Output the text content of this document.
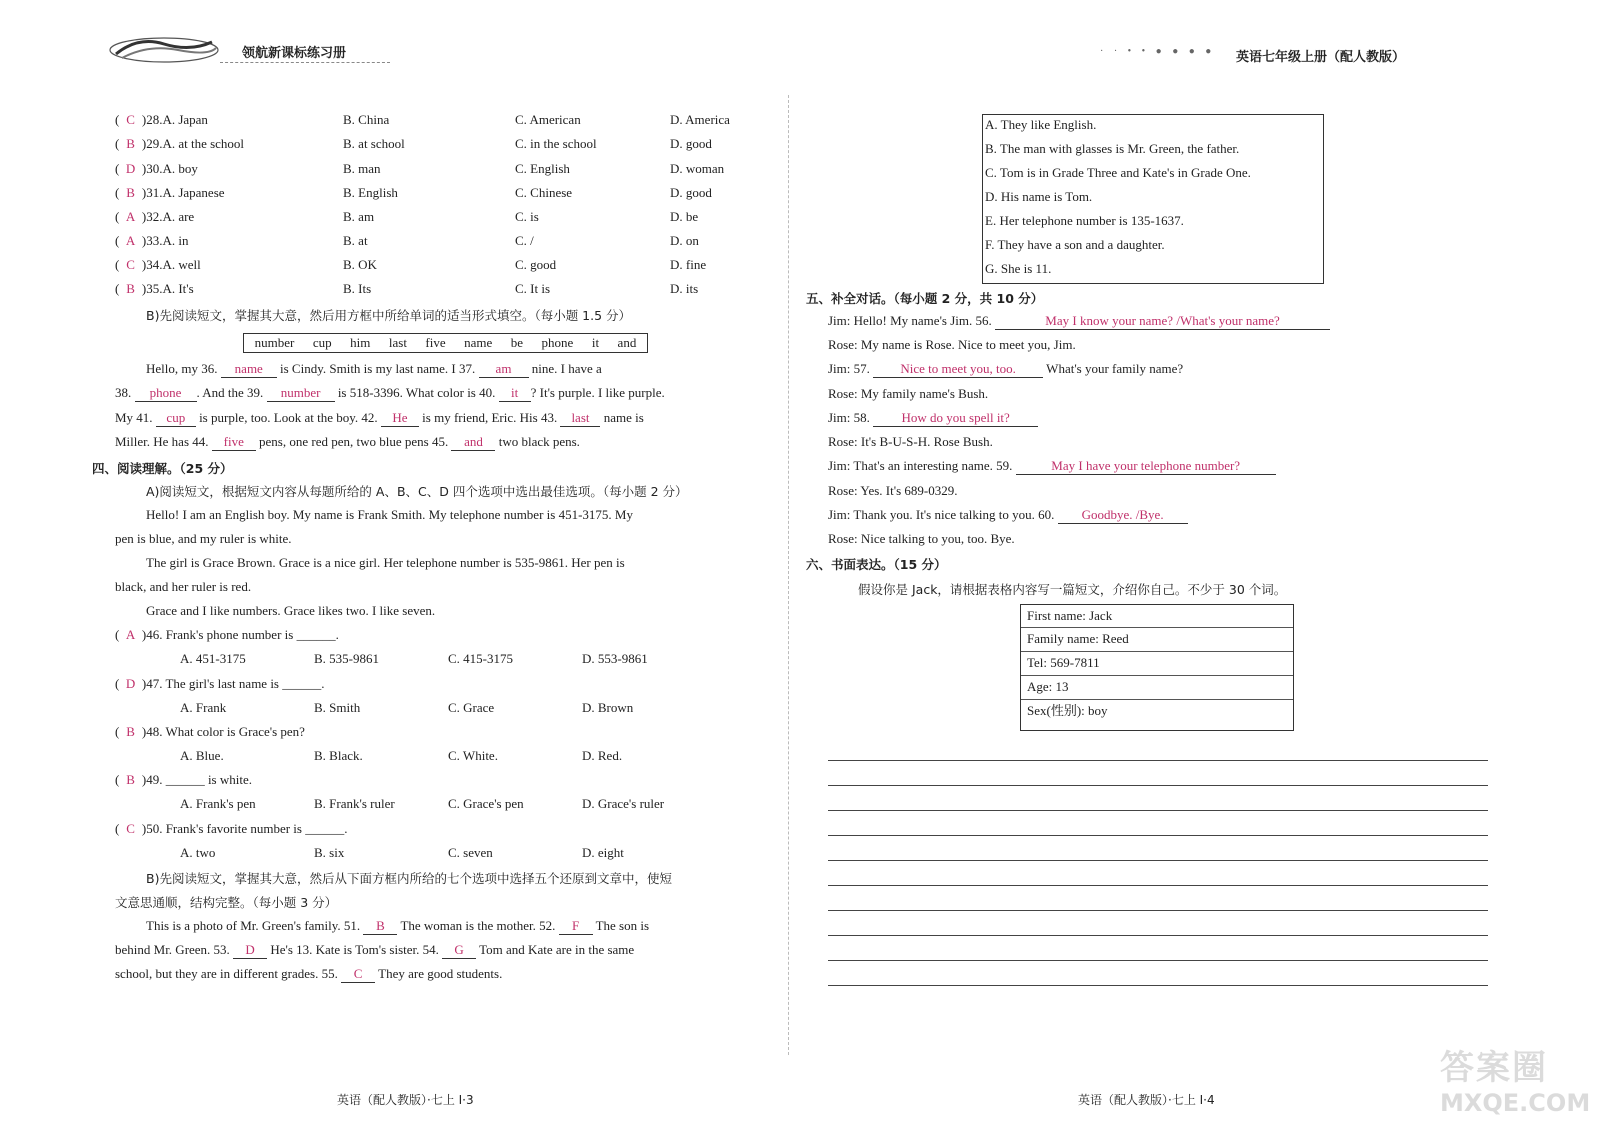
领航新课标练习册	· · • • ● ● ● ● 英语七年级上册（配人教版）
( C )28.A. Japan	B. China	C. American	D. America
( B )29.A. at the school	B. at school	C. in the school	D. good
( D )30.A. boy	B. man	C. English	D. woman
( B )31.A. Japanese	B. English	C. Chinese	D. good
( A )32.A. are	B. am	C. is	D. be
( A )33.A. in	B. at	C. /	D. on
( C )34.A. well	B. OK	C. good	D. fine
( B )35.A. It's	B. Its	C. It is	D. its
B)先阅读短文，掌握其大意，然后用方框中所给单词的适当形式填空。（每小题 1.5 分）
number  cup  him  last  five  name  be  phone  it  and
Hello, my 36. name is Cindy. Smith is my last name. I 37. am nine. I have a
38. phone . And the 39. number is 518-3396. What color is 40. it ? It's purple. I like purple.
My 41. cup is purple, too. Look at the boy. 42. He is my friend, Eric. His 43. last name is
Miller. He has 44. five pens, one red pen, two blue pens 45. and two black pens.
四、阅读理解。（25 分）
A)阅读短文，根据短文内容从每题所给的 A、B、C、D 四个选项中选出最佳选项。（每小题 2 分）
Hello! I am an English boy. My name is Frank Smith. My telephone number is 451-3175. My
pen is blue, and my ruler is white.
The girl is Grace Brown. Grace is a nice girl. Her telephone number is 535-9861. Her pen is
black, and her ruler is red.
Grace and I like numbers. Grace likes two. I like seven.
( A )46. Frank's phone number is ______.
A. 451-3175	B. 535-9861	C. 415-3175	D. 553-9861
( D )47. The girl's last name is ______.
A. Frank	B. Smith	C. Grace	D. Brown
( B )48. What color is Grace's pen?
A. Blue.	B. Black.	C. White.	D. Red.
( B )49. ______ is white.
A. Frank's pen	B. Frank's ruler	C. Grace's pen	D. Grace's ruler
( C )50. Frank's favorite number is ______.
A. two	B. six	C. seven	D. eight
B)先阅读短文，掌握其大意，然后从下面方框内所给的七个选项中选择五个还原到文章中，使短
文意思通顺，结构完整。（每小题 3 分）
This is a photo of Mr. Green's family. 51. B The woman is the mother. 52. F The son is
behind Mr. Green. 53. D He's 13. Kate is Tom's sister. 54. G Tom and Kate are in the same
school, but they are in different grades. 55. C They are good students.
A. They like English.
B. The man with glasses is Mr. Green, the father.
C. Tom is in Grade Three and Kate's in Grade One.
D. His name is Tom.
E. Her telephone number is 135-1637.
F. They have a son and a daughter.
G. She is 11.
五、补全对话。（每小题 2 分，共 10 分）
Jim: Hello! My name's Jim. 56.	May I know your name? /What's your name?
Rose: My name is Rose. Nice to meet you, Jim.
Jim: 57. Nice to meet you, too. What's your family name?
Rose: My family name's Bush.
Jim: 58. How do you spell it?
Rose: It's B-U-S-H. Rose Bush.
Jim: That's an interesting name. 59.	May I have your telephone number?
Rose: Yes. It's 689-0329.
Jim: Thank you. It's nice talking to you. 60. Goodbye. /Bye.
Rose: Nice talking to you, too. Bye.
六、书面表达。（15 分）
假设你是 Jack，请根据表格内容写一篇短文，介绍你自己。不少于 30 个词。
First name: Jack
Family name: Reed
Tel: 569-7811
Age: 13
Sex(性别): boy
英语（配人教版）·七上 I·3	英语（配人教版）·七上 I·4
答案圈
MXQE.COM
